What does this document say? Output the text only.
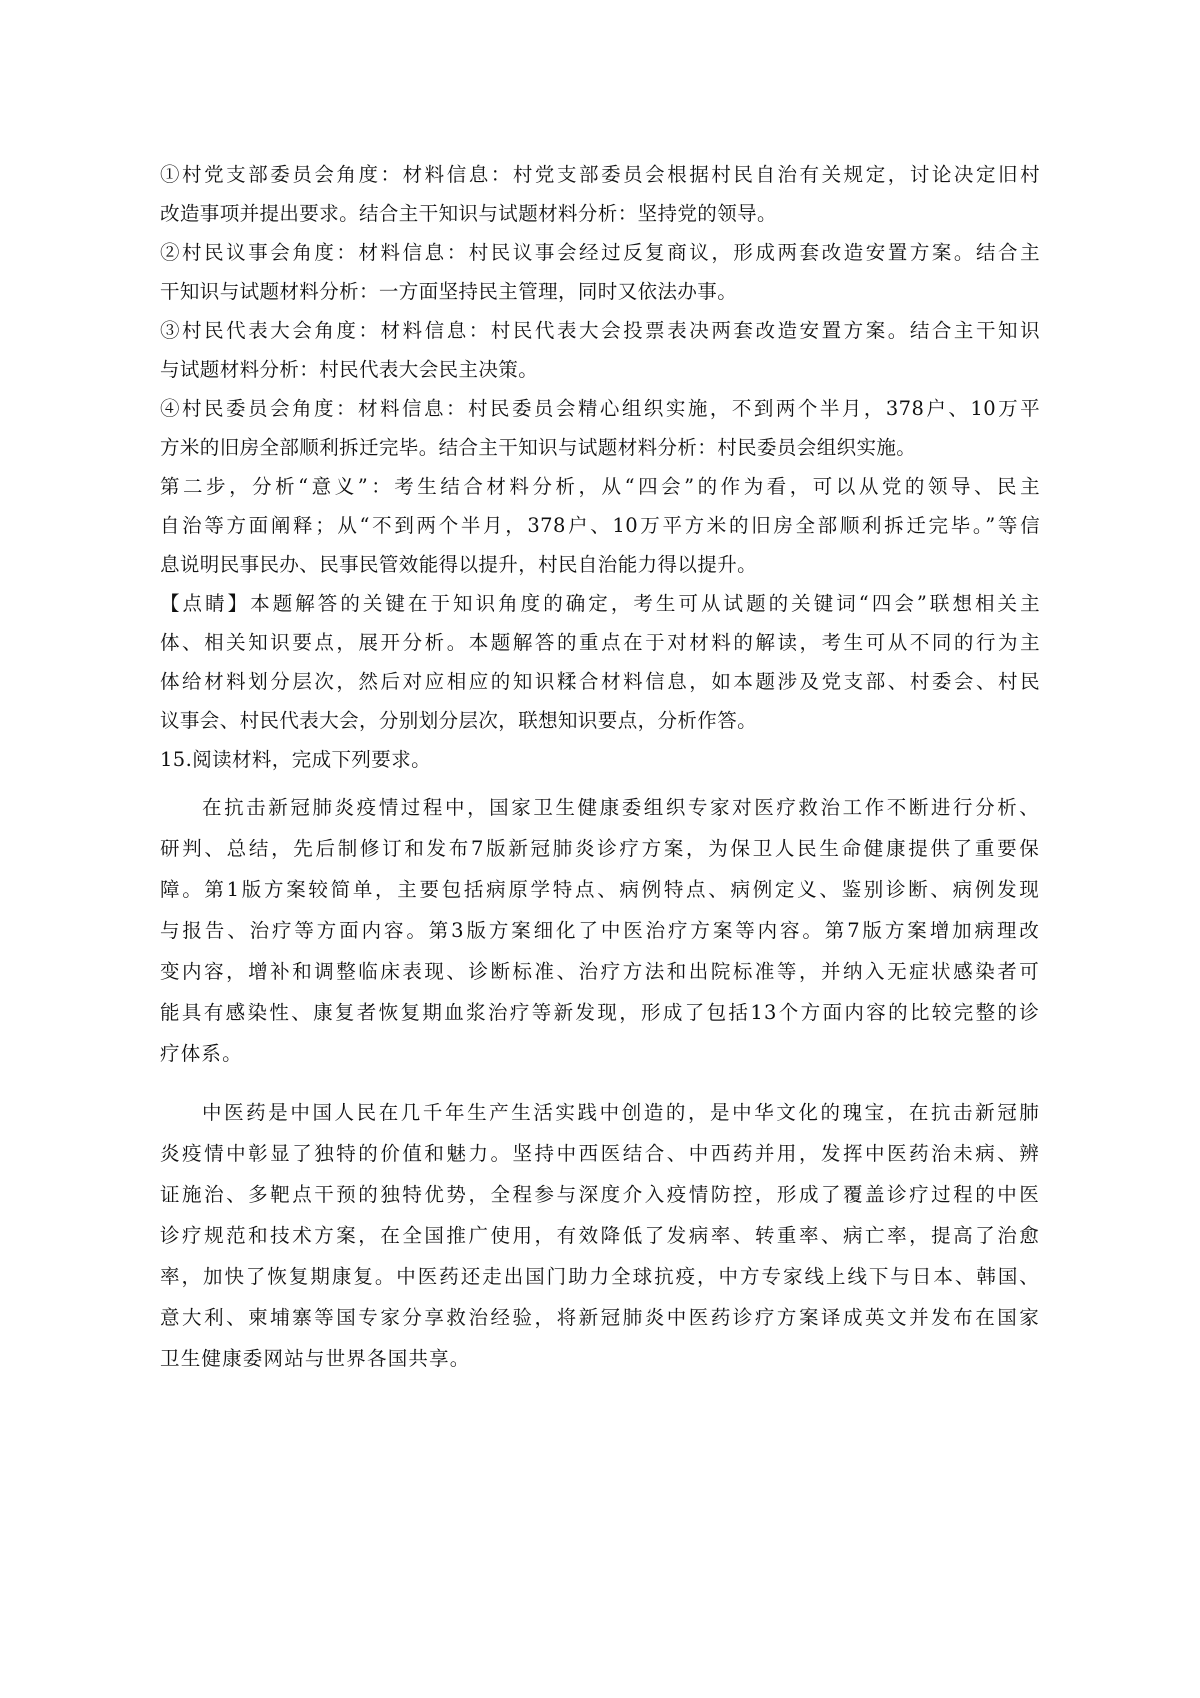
①村党支部委员会角度：材料信息：村党支部委员会根据村民自治有关规定，讨论决定旧村
改造事项并提出要求。结合主干知识与试题材料分析：坚持党的领导。
②村民议事会角度：材料信息：村民议事会经过反复商议，形成两套改造安置方案。结合主
干知识与试题材料分析：一方面坚持民主管理，同时又依法办事。
③村民代表大会角度：材料信息：村民代表大会投票表决两套改造安置方案。结合主干知识
与试题材料分析：村民代表大会民主决策。
④村民委员会角度：材料信息：村民委员会精心组织实施，不到两个半月，378户、10万平
方米的旧房全部顺利拆迁完毕。结合主干知识与试题材料分析：村民委员会组织实施。
第二步，分析“意义”：考生结合材料分析，从“四会”的作为看，可以从党的领导、民主
自治等方面阐释；从“不到两个半月，378户、10万平方米的旧房全部顺利拆迁完毕。”等信
息说明民事民办、民事民管效能得以提升，村民自治能力得以提升。
【点睛】本题解答的关键在于知识角度的确定，考生可从试题的关键词“四会”联想相关主
体、相关知识要点，展开分析。本题解答的重点在于对材料的解读，考生可从不同的行为主
体给材料划分层次，然后对应相应的知识糅合材料信息，如本题涉及党支部、村委会、村民
议事会、村民代表大会，分别划分层次，联想知识要点，分析作答。
15.阅读材料，完成下列要求。
在抗击新冠肺炎疫情过程中，国家卫生健康委组织专家对医疗救治工作不断进行分析、
研判、总结，先后制修订和发布7版新冠肺炎诊疗方案，为保卫人民生命健康提供了重要保
障。第1版方案较简单，主要包括病原学特点、病例特点、病例定义、鉴别诊断、病例发现
与报告、治疗等方面内容。第3版方案细化了中医治疗方案等内容。第7版方案增加病理改
变内容，增补和调整临床表现、诊断标准、治疗方法和出院标准等，并纳入无症状感染者可
能具有感染性、康复者恢复期血浆治疗等新发现，形成了包括13个方面内容的比较完整的诊
疗体系。
中医药是中国人民在几千年生产生活实践中创造的，是中华文化的瑰宝，在抗击新冠肺
炎疫情中彰显了独特的价值和魅力。坚持中西医结合、中西药并用，发挥中医药治未病、辨
证施治、多靶点干预的独特优势，全程参与深度介入疫情防控，形成了覆盖诊疗过程的中医
诊疗规范和技术方案，在全国推广使用，有效降低了发病率、转重率、病亡率，提高了治愈
率，加快了恢复期康复。中医药还走出国门助力全球抗疫，中方专家线上线下与日本、韩国、
意大利、柬埔寨等国专家分享救治经验，将新冠肺炎中医药诊疗方案译成英文并发布在国家
卫生健康委网站与世界各国共享。
